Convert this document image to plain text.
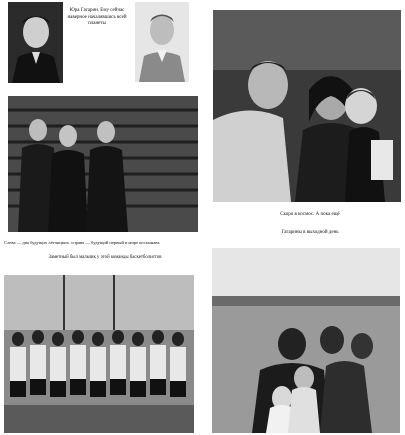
Юра Гагарин. Ему сейчас наверное началявшись всей планеты
Скоро в космос. А пока ещё
Гагарины в выходной день
Слева — два будущих лётчицких. справа — будущий первый в мире космонавт.
Заметный был мальчик у этой команды баскетболистов
